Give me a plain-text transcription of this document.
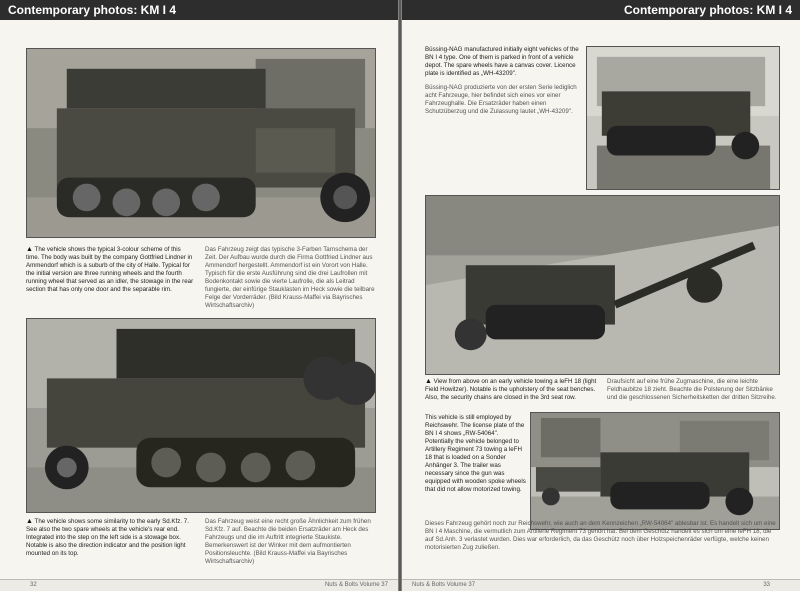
Contemporary photos: KM I 4
▲ The vehicle shows the typical 3-colour scheme of this time. The body was built by the company Gottfried Lindner in Ammendorf which is a suburb of the city of Halle. Typical for the initial version are three running wheels and the fourth running wheel that served as an idler, the stowage in the rear section that has only one door and the separable rim.
Das Fahrzeug zeigt das typische 3-Farben Tarnschema der Zeit. Der Aufbau wurde durch die Firma Gottfried Lindner aus Ammendorf hergestellt. Ammendorf ist ein Vorort von Halle. Typisch für die erste Ausführung sind die drei Laufrollen mit Bodenkontakt sowie die vierte Laufrolle, die als Leitrad fungierte, der einfürige Stauklasten im Heck sowie die teilbare Felge der Vorderräder. (Bild Krauss-Maffei via Bayrisches Wirtschaftsarchiv)
▲ The vehicle shows some similarity to the early Sd.Kfz. 7. See also the two spare wheels at the vehicle's rear end. Integrated into the step on the left side is a stowage box. Notable is also the direction indicator and the position light mounted on its top.
Das Fahrzeug weist eine recht große Ähnlichkeit zum frühen Sd.Kfz. 7 auf. Beachte die beiden Ersatzräder am Heck des Fahrzeugs und die im Auftritt integrierte Staukiste. Bemerkenswert ist der Winker mit dem aufmontierten Positionsleuchte. (Bild Krauss-Maffei via Bayrisches Wirtschaftsarchiv)
32	Nuts & Bolts Volume 37
Contemporary photos: KM I 4
Büssing-NAG manufactured initially eight vehicles of the BN I 4 type. One of them is parked in front of a vehicle depot. The spare wheels have a canvas cover. Licence plate is identified as „WH-43209".
Büssing-NAG produzierte von der ersten Serie lediglich acht Fahrzeuge, hier befindet sich eines vor einer Fahrzeughalle. Die Ersatzräder haben einen Schutzüberzug und die Zulassung lautet „WH-43209".
▲ View from above on an early vehicle towing a leFH 18 (light Field Howitzer). Notable is the upholstery of the seat benches. Also, the security chains are closed in the 3rd seat row.
Draufsicht auf eine frühe Zugmaschine, die eine leichte Feldhaubitze 18 zieht. Beachte die Polsterung der Sitzbänke und die geschlossenen Sicherheitsketten der dritten Sitzreihe.
This vehicle is still employed by Reichswehr. The license plate of the BN I 4 shows „RW-54064". Potentially the vehicle belonged to Artillery Regiment 73 towing a leFH 18 that is loaded on a Sonder Anhänger 3. The trailer was necessary since the gun was equipped with wooden spoke wheels that did not allow motorized towing.
Dieses Fahrzeug gehört noch zur Reichswehr, wie auch an dem Kennzeichen „RW-54064" ablesbar ist. Es handelt sich um eine BN I 4 Maschine, die vermutlich zum Artillerie Regiment 73 gehört hat. Bei dem Geschütz handelt es sich um eine leFH 18, die auf Sd.Anh. 3 verlastet wurden. Dies war erforderlich, da das Geschütz noch über Holzspeichenräder verfügte, welche keinen motorisierten Zug zuließen.
Nuts & Bolts Volume 37	33
